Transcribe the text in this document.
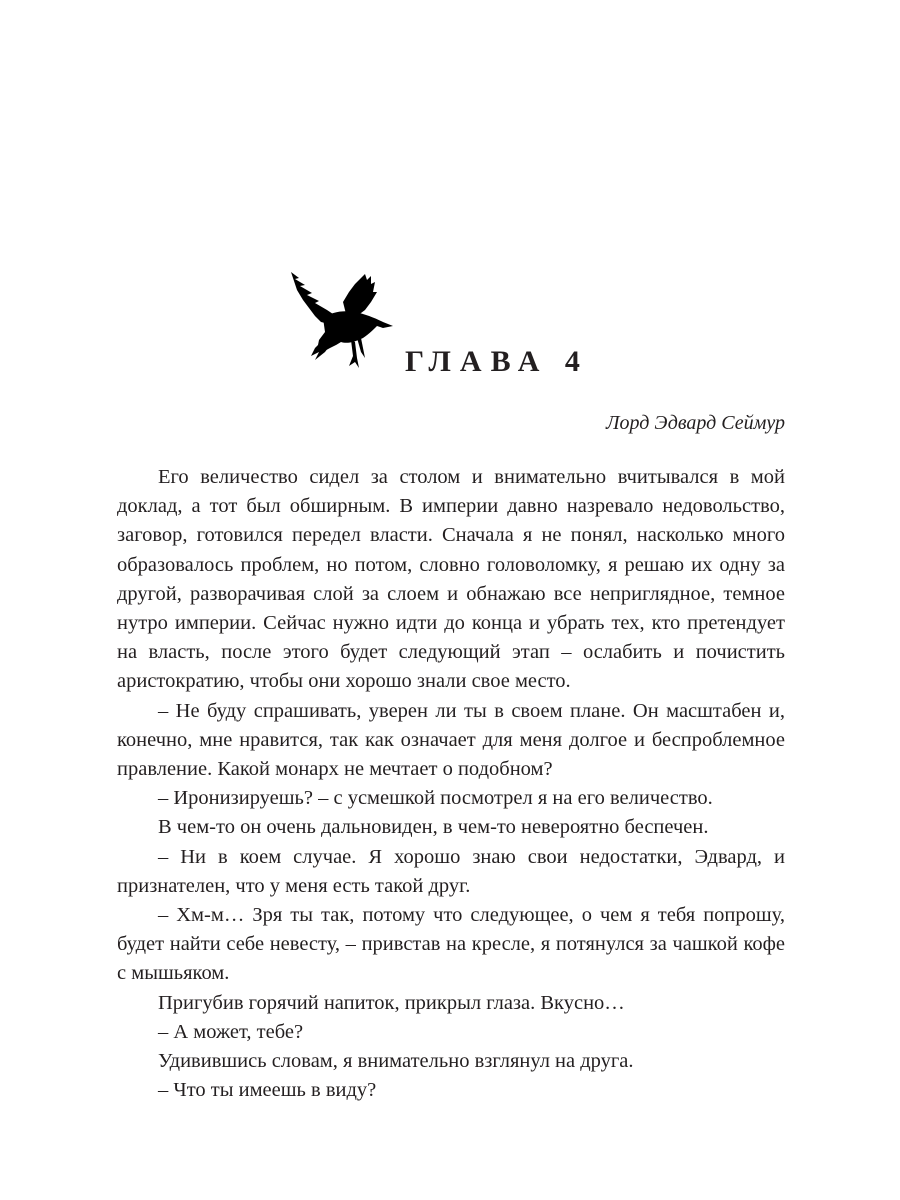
ГЛАВА 4
Лорд Эдвард Сеймур

Его величество сидел за столом и внимательно вчитывался в мой доклад, а тот был обширным. В империи давно назревало недовольство, заговор, готовился передел власти. Сначала я не понял, насколько много образовалось проблем, но потом, словно головоломку, я решаю их одну за другой, разворачивая слой за слоем и обнажаю все неприглядное, темное нутро империи. Сейчас нужно идти до конца и убрать тех, кто претендует на власть, после этого будет следующий этап – ослабить и почистить аристократию, чтобы они хорошо знали свое место.

– Не буду спрашивать, уверен ли ты в своем плане. Он масштабен и, конечно, мне нравится, так как означает для меня долгое и беспроблемное правление. Какой монарх не мечтает о подобном?

– Иронизируешь? – с усмешкой посмотрел я на его величество.

В чем-то он очень дальновиден, в чем-то невероятно беспечен.

– Ни в коем случае. Я хорошо знаю свои недостатки, Эдвард, и признателен, что у меня есть такой друг.

– Хм-м… Зря ты так, потому что следующее, о чем я тебя попрошу, будет найти себе невесту, – привстав на кресле, я потянулся за чашкой кофе с мышьяком.

Пригубив горячий напиток, прикрыл глаза. Вкусно…

– А может, тебе?

Удивившись словам, я внимательно взглянул на друга.

– Что ты имеешь в виду?
